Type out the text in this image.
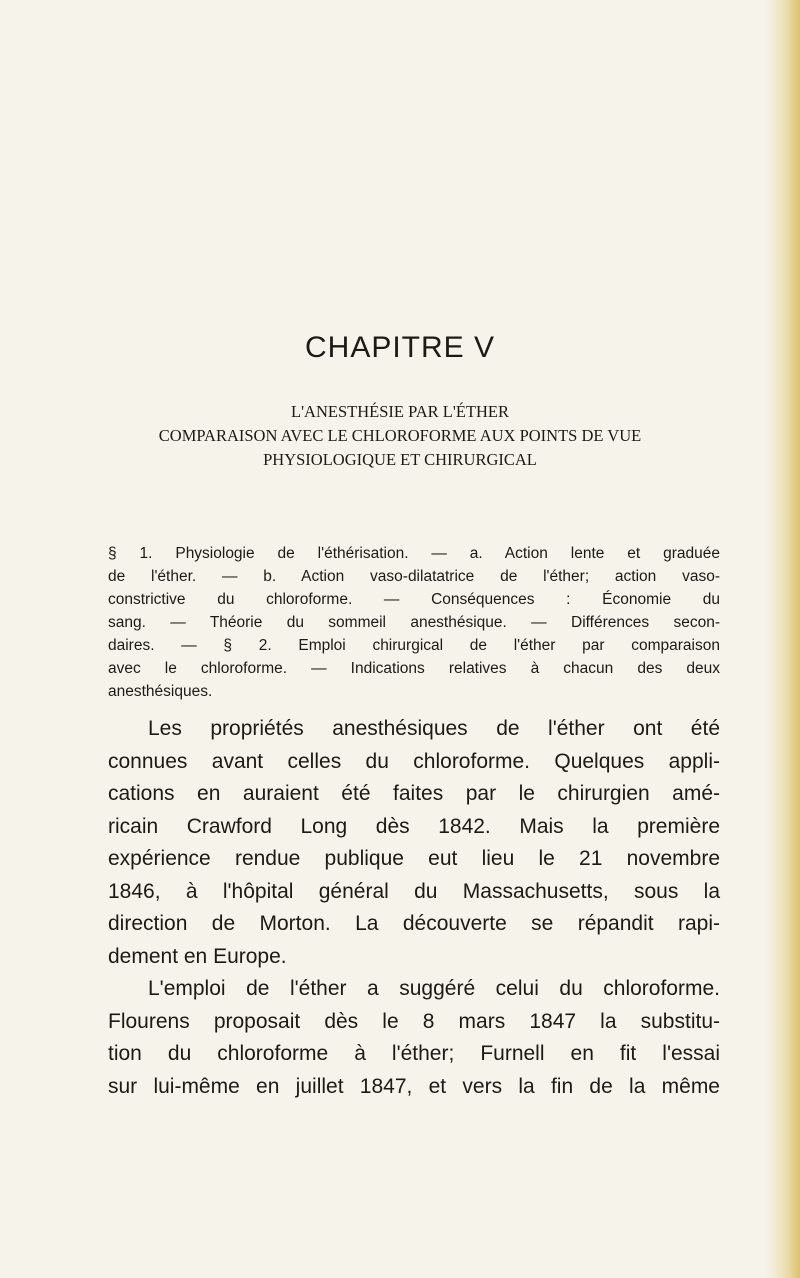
CHAPITRE V
L'ANESTHÉSIE PAR L'ÉTHER
COMPARAISON AVEC LE CHLOROFORME AUX POINTS DE VUE
PHYSIOLOGIQUE ET CHIRURGICAL
§ 1. Physiologie de l'éthérisation. — a. Action lente et graduée
de l'éther. — b. Action vaso-dilatatrice de l'éther; action vaso-
constrictive du chloroforme. — Conséquences : Économie du
sang. — Théorie du sommeil anesthésique. — Différences secon-
daires. — § 2. Emploi chirurgical de l'éther par comparaison
avec le chloroforme. — Indications relatives à chacun des deux
anesthésiques.
Les propriétés anesthésiques de l'éther ont été
connues avant celles du chloroforme. Quelques appli-
cations en auraient été faites par le chirurgien amé-
ricain Crawford Long dès 1842. Mais la première
expérience rendue publique eut lieu le 21 novembre
1846, à l'hôpital général du Massachusetts, sous la
direction de Morton. La découverte se répandit rapi-
dement en Europe.
L'emploi de l'éther a suggéré celui du chloroforme.
Flourens proposait dès le 8 mars 1847 la substitu-
tion du chloroforme à l'éther; Furnell en fit l'essai
sur lui-même en juillet 1847, et vers la fin de la même
